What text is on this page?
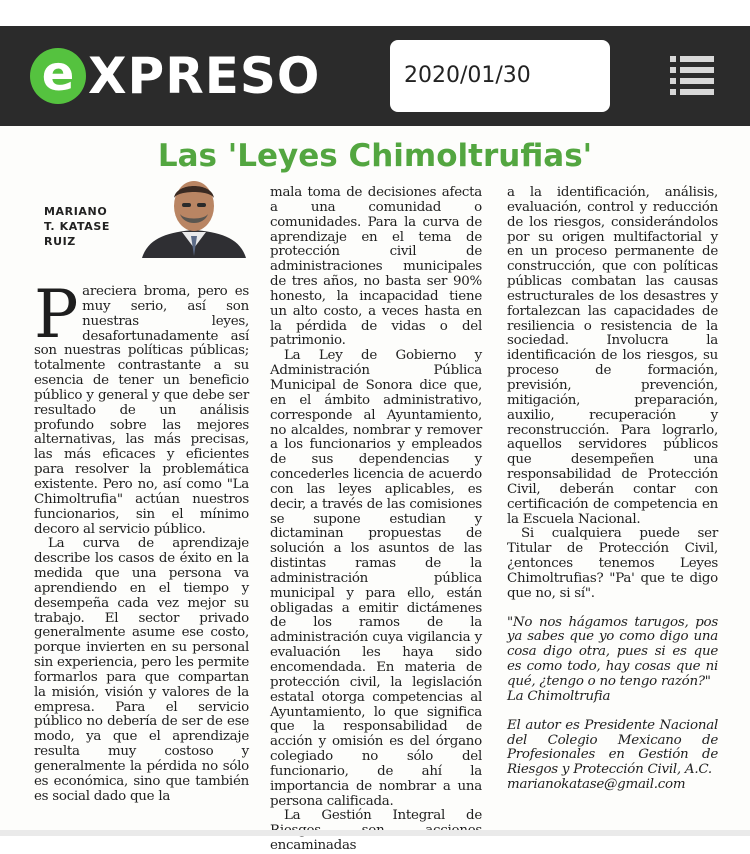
e XPRESO	2020/01/30
Las 'Leyes Chimoltrufias'
MARIANO
T. KATASE
RUIZ

Pareciera broma, pero es muy serio, así son nuestras leyes, desafortunadamente así son nuestras políticas públicas; totalmente contrastante a su esencia de tener un beneficio público y general y que debe ser resultado de un análisis profundo sobre las mejores alternativas, las más precisas, las más eficaces y eficientes para resolver la problemática existente. Pero no, así como "La Chimoltrufia" actúan nuestros funcionarios, sin el mínimo decoro al servicio público.

La curva de aprendizaje describe los casos de éxito en la medida que una persona va aprendiendo en el tiempo y desempeña cada vez mejor su trabajo. El sector privado generalmente asume ese costo, porque invierten en su personal sin experiencia, pero les permite formarlos para que compartan la misión, visión y valores de la empresa. Para el servicio público no debería de ser de ese modo, ya que el aprendizaje resulta muy costoso y generalmente la pérdida no sólo es económica, sino que también es social dado que la

mala toma de decisiones afecta a una comunidad o comunidades. Para la curva de aprendizaje en el tema de protección civil de administraciones municipales de tres años, no basta ser 90% honesto, la incapacidad tiene un alto costo, a veces hasta en la pérdida de vidas o del patrimonio.

La Ley de Gobierno y Administración Pública Municipal de Sonora dice que, en el ámbito administrativo, corresponde al Ayuntamiento, no alcaldes, nombrar y remover a los funcionarios y empleados de sus dependencias y concederles licencia de acuerdo con las leyes aplicables, es decir, a través de las comisiones se supone estudian y dictaminan propuestas de solución a los asuntos de las distintas ramas de la administración pública municipal y para ello, están obligadas a emitir dictámenes de los ramos de la administración cuya vigilancia y evaluación les haya sido encomendada. En materia de protección civil, la legislación estatal otorga competencias al Ayuntamiento, lo que significa que la responsabilidad de acción y omisión es del órgano colegiado no sólo del funcionario, de ahí la importancia de nombrar a una persona calificada.

La Gestión Integral de encaminadas

a la identificación, análisis, evaluación, control y reducción de los riesgos, considerándolos por su origen multifactorial y en un proceso permanente de construcción, que con políticas públicas combatan las causas estructurales de los desastres y fortalezcan las capacidades de resiliencia o resistencia de la sociedad. Involucra la identificación de los riesgos, su proceso de formación, previsión, prevención, mitigación, preparación, auxilio, recuperación y reconstrucción. Para lograrlo, aquellos servidores públicos que desempeñen una responsabilidad de Protección Civil, deberán contar con certificación de competencia en la Escuela Nacional.

Si cualquiera puede ser Titular de Protección Civil, ¿entonces tenemos Leyes Chimoltrufias? "Pa' que te digo que no, si sí".

"No nos hágamos tarugos, pos ya sabes que yo como digo una cosa digo otra, pues si es que es como todo, hay cosas que ni qué, ¿tengo o no tengo razón?"

La Chimoltrufia

El autor es Presidente Nacional del Colegio Mexicano de Profesionales en Gestión de Riesgos y Protección Civil, A.C.

marianokatase@gmail.com
